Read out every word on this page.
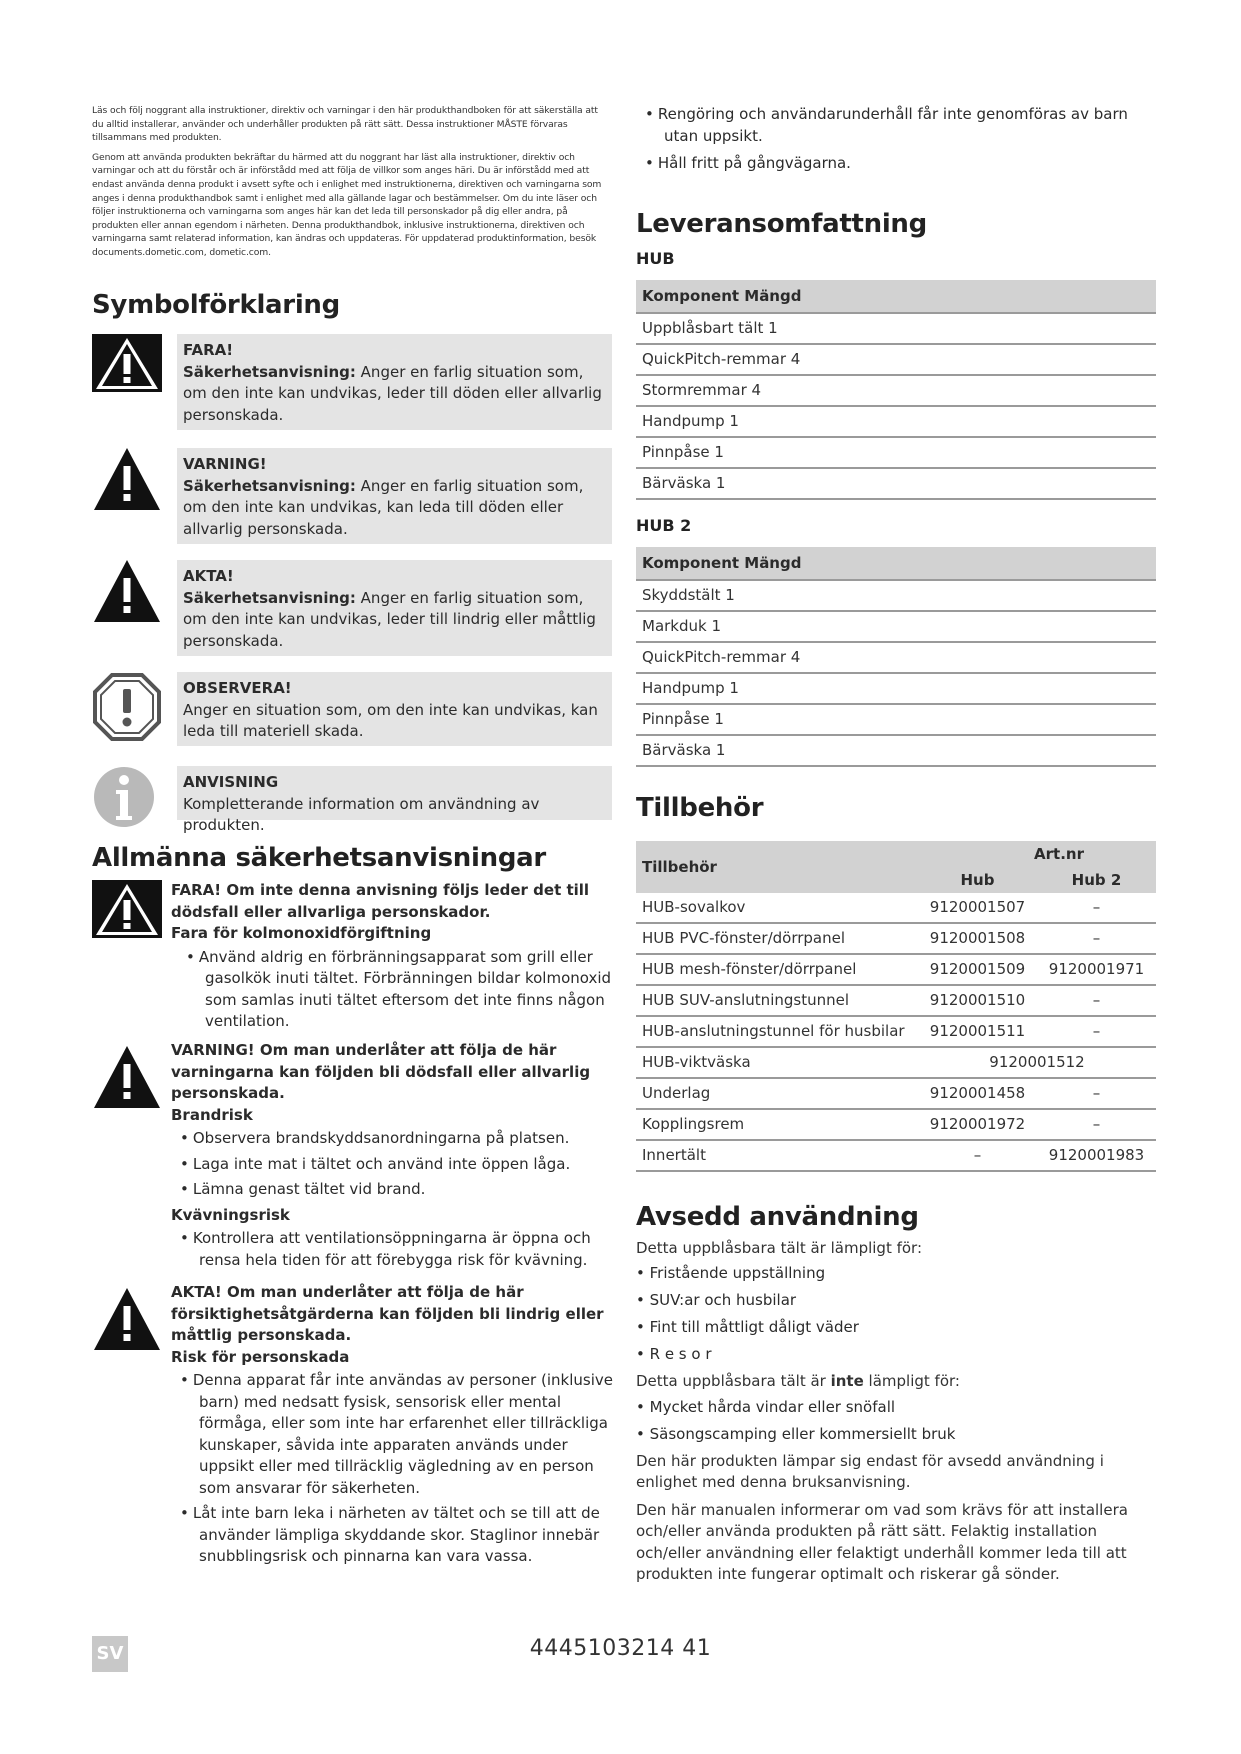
Läs och följ noggrant alla instruktioner, direktiv och varningar i den här produkthandboken för att säkerställa att du alltid installerar, använder och underhåller produkten på rätt sätt. Dessa instruktioner MÅSTE förvaras tillsammans med produkten.

Genom att använda produkten bekräftar du härmed att du noggrant har läst alla instruktioner, direktiv och varningar och att du förstår och är införstådd med att följa de villkor som anges häri. Du är införstådd med att endast använda denna produkt i avsett syfte och i enlighet med instruktionerna, direktiven och varningarna som anges i denna produkthandbok samt i enlighet med alla gällande lagar och bestämmelser. Om du inte läser och följer instruktionerna och varningarna som anges här kan det leda till personskador på dig eller andra, på produkten eller annan egendom i närheten. Denna produkthandbok, inklusive instruktionerna, direktiven och varningarna samt relaterad information, kan ändras och uppdateras. För uppdaterad produktinformation, besök documents.dometic.com, dometic.com.

Symbolförklaring
FARA!
Säkerhetsanvisning: Anger en farlig situation som, om den inte kan undvikas, leder till döden eller allvarlig personskada.
VARNING!
Säkerhetsanvisning: Anger en farlig situation som, om den inte kan undvikas, kan leda till döden eller allvarlig personskada.
AKTA!
Säkerhetsanvisning: Anger en farlig situation som, om den inte kan undvikas, leder till lindrig eller måttlig personskada.
OBSERVERA!
Anger en situation som, om den inte kan undvikas, kan leda till materiell skada.
ANVISNING
Kompletterande information om användning av produkten.
Allmänna säkerhetsanvisningar
FARA! Om inte denna anvisning följs leder det till dödsfall eller allvarliga personskador.
Fara för kolmonoxidförgiftning
• Använd aldrig en förbränningsapparat som grill eller gasolkök inuti tältet. Förbränningen bildar kolmonoxid som samlas inuti tältet eftersom det inte finns någon ventilation.
VARNING! Om man underlåter att följa de här varningarna kan följden bli dödsfall eller allvarlig personskada.
Brandrisk
• Observera brandskyddsanordningarna på platsen.
• Laga inte mat i tältet och använd inte öppen låga.
• Lämna genast tältet vid brand.
Kvävningsrisk
• Kontrollera att ventilationsöppningarna är öppna och rensa hela tiden för att förebygga risk för kvävning.
AKTA! Om man underlåter att följa de här försiktighetsåtgärderna kan följden bli lindrig eller måttlig personskada.
Risk för personskada
• Denna apparat får inte användas av personer (inklusive barn) med nedsatt fysisk, sensorisk eller mental förmåga, eller som inte har erfarenhet eller tillräckliga kunskaper, såvida inte apparaten används under uppsikt eller med tillräcklig vägledning av en person som ansvarar för säkerheten.
• Låt inte barn leka i närheten av tältet och se till att de använder lämpliga skyddande skor. Staglinor innebär snubblingsrisk och pinnarna kan vara vassa.
• Rengöring och användarunderhåll får inte genomföras av barn utan uppsikt.
• Håll fritt på gångvägarna.
Leveransomfattning
HUB
Komponent Mängd
Uppblåsbart tält 1
QuickPitch-remmar 4
Stormremmar 4
Handpump 1
Pinnpåse 1
Bärväska 1
HUB 2
Komponent Mängd
Skyddstält 1
Markduk 1
QuickPitch-remmar 4
Handpump 1
Pinnpåse 1
Bärväska 1
Tillbehör
Tillbehör	Art.nr	
	Hub	Hub 2
HUB-sovalkov	9120001507	–
HUB PVC-fönster/dörrpanel	9120001508	–
HUB mesh-fönster/dörrpanel	9120001509	9120001971
HUB SUV-anslutningstunnel	9120001510	–
HUB-anslutningstunnel för husbilar	9120001511	–
HUB-viktväska	9120001512	
Underlag	9120001458	–
Kopplingsrem	9120001972	–
Innertält	–	9120001983
Avsedd användning

Detta uppblåsbara tält är lämpligt för:

• Fristående uppställning
• SUV:ar och husbilar
• Fint till måttligt dåligt väder
• R e s o r

Detta uppblåsbara tält är inte lämpligt för:

• Mycket hårda vindar eller snöfall
• Säsongscamping eller kommersiellt bruk

Den här produkten lämpar sig endast för avsedd användning i enlighet med denna bruksanvisning.

Den här manualen informerar om vad som krävs för att installera och/eller använda produkten på rätt sätt. Felaktig installation och/eller användning eller felaktigt underhåll kommer leda till att produkten inte fungerar optimalt och riskerar gå sönder.

4445103214 41
SV
